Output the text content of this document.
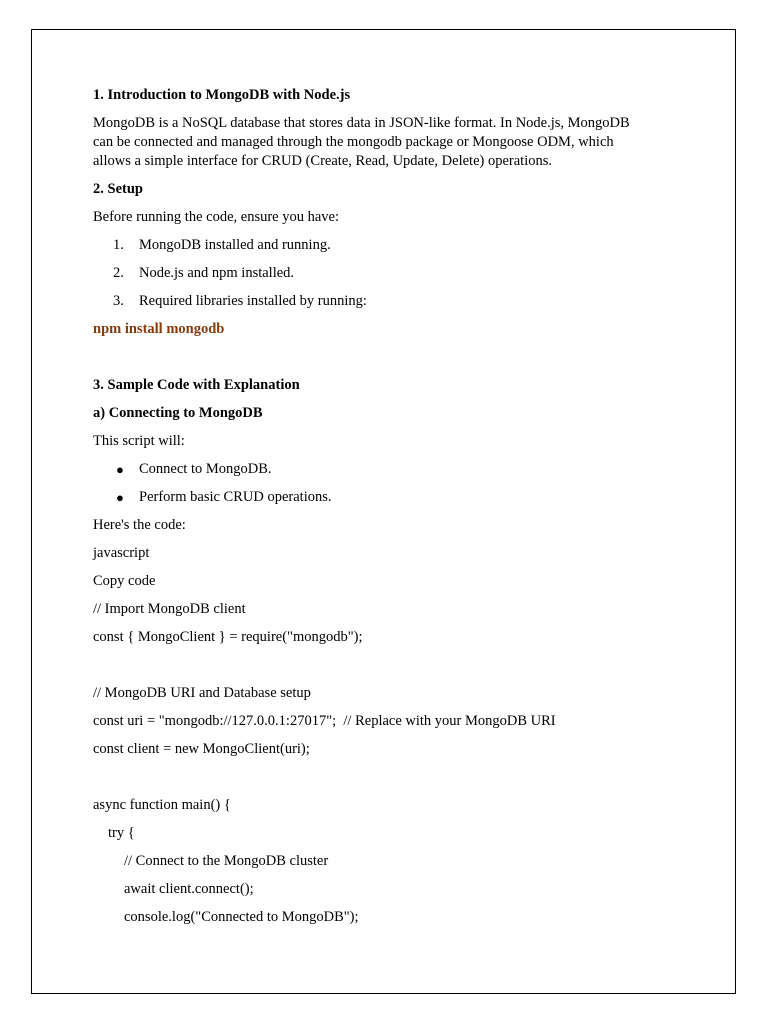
1. Introduction to MongoDB with Node.js

MongoDB is a NoSQL database that stores data in JSON-like format. In Node.js, MongoDB

can be connected and managed through the mongodb package or Mongoose ODM, which

allows a simple interface for CRUD (Create, Read, Update, Delete) operations.

2. Setup

Before running the code, ensure you have:

1. MongoDB installed and running.
2. Node.js and npm installed.
3. Required libraries installed by running:

npm install mongodb

3. Sample Code with Explanation

a) Connecting to MongoDB

This script will:

● Connect to MongoDB.
● Perform basic CRUD operations.

Here's the code:

javascript

Copy code

// Import MongoDB client

const { MongoClient } = require("mongodb");

// MongoDB URI and Database setup

const uri = "mongodb://127.0.0.1:27017";  // Replace with your MongoDB URI

const client = new MongoClient(uri);

async function main() {

try {

// Connect to the MongoDB cluster

await client.connect();

console.log("Connected to MongoDB");
